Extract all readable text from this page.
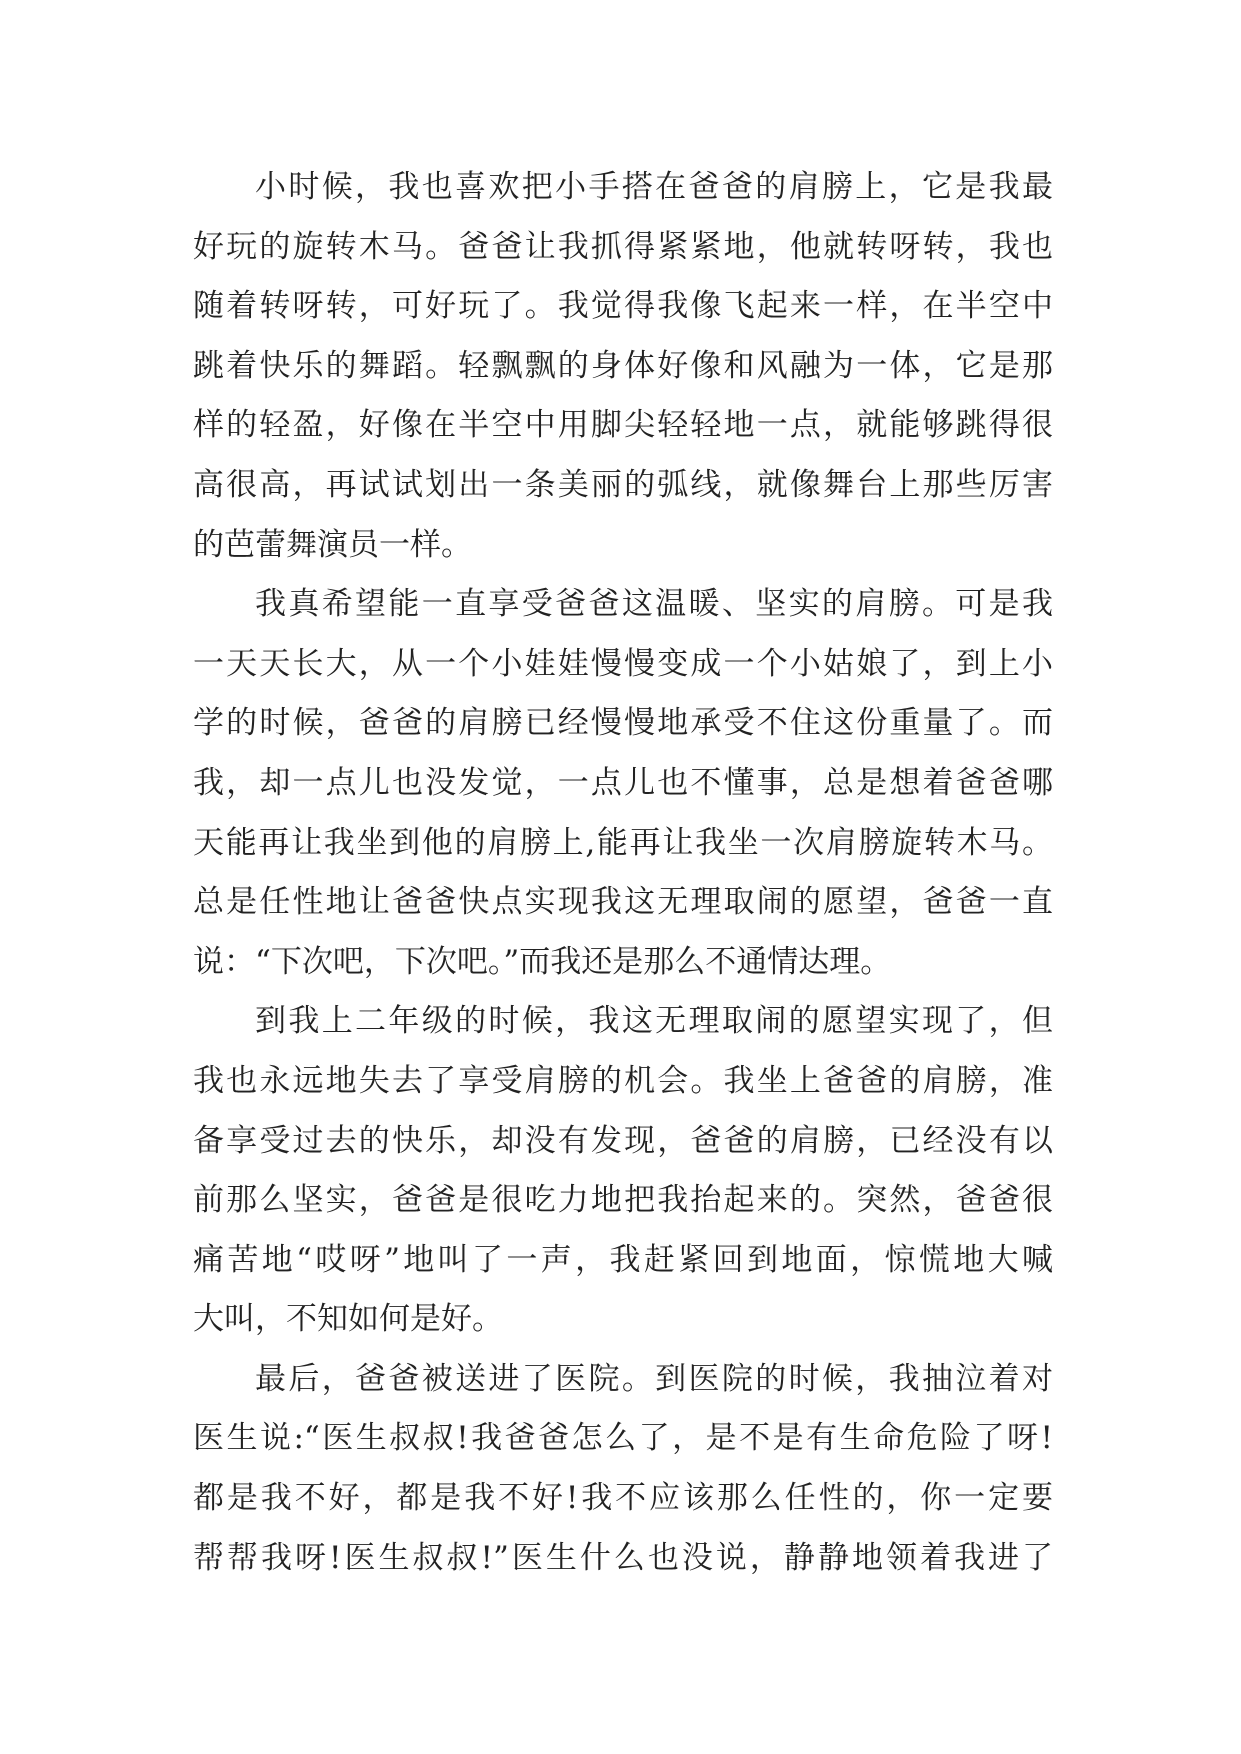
小时候，我也喜欢把小手搭在爸爸的肩膀上，它是我最
好玩的旋转木马。爸爸让我抓得紧紧地，他就转呀转，我也
随着转呀转，可好玩了。我觉得我像飞起来一样，在半空中
跳着快乐的舞蹈。轻飘飘的身体好像和风融为一体，它是那
样的轻盈，好像在半空中用脚尖轻轻地一点，就能够跳得很
高很高，再试试划出一条美丽的弧线，就像舞台上那些厉害
的芭蕾舞演员一样。
我真希望能一直享受爸爸这温暖、坚实的肩膀。可是我
一天天长大，从一个小娃娃慢慢变成一个小姑娘了，到上小
学的时候，爸爸的肩膀已经慢慢地承受不住这份重量了。而
我，却一点儿也没发觉，一点儿也不懂事，总是想着爸爸哪
天能再让我坐到他的肩膀上,能再让我坐一次肩膀旋转木马。
总是任性地让爸爸快点实现我这无理取闹的愿望，爸爸一直
说：“下次吧，下次吧。”而我还是那么不通情达理。
到我上二年级的时候，我这无理取闹的愿望实现了，但
我也永远地失去了享受肩膀的机会。我坐上爸爸的肩膀，准
备享受过去的快乐，却没有发现，爸爸的肩膀，已经没有以
前那么坚实，爸爸是很吃力地把我抬起来的。突然，爸爸很
痛苦地“哎呀”地叫了一声，我赶紧回到地面，惊慌地大喊
大叫，不知如何是好。
最后，爸爸被送进了医院。到医院的时候，我抽泣着对
医生说:“医生叔叔!我爸爸怎么了，是不是有生命危险了呀!
都是我不好，都是我不好!我不应该那么任性的，你一定要
帮帮我呀!医生叔叔!”医生什么也没说，静静地领着我进了
